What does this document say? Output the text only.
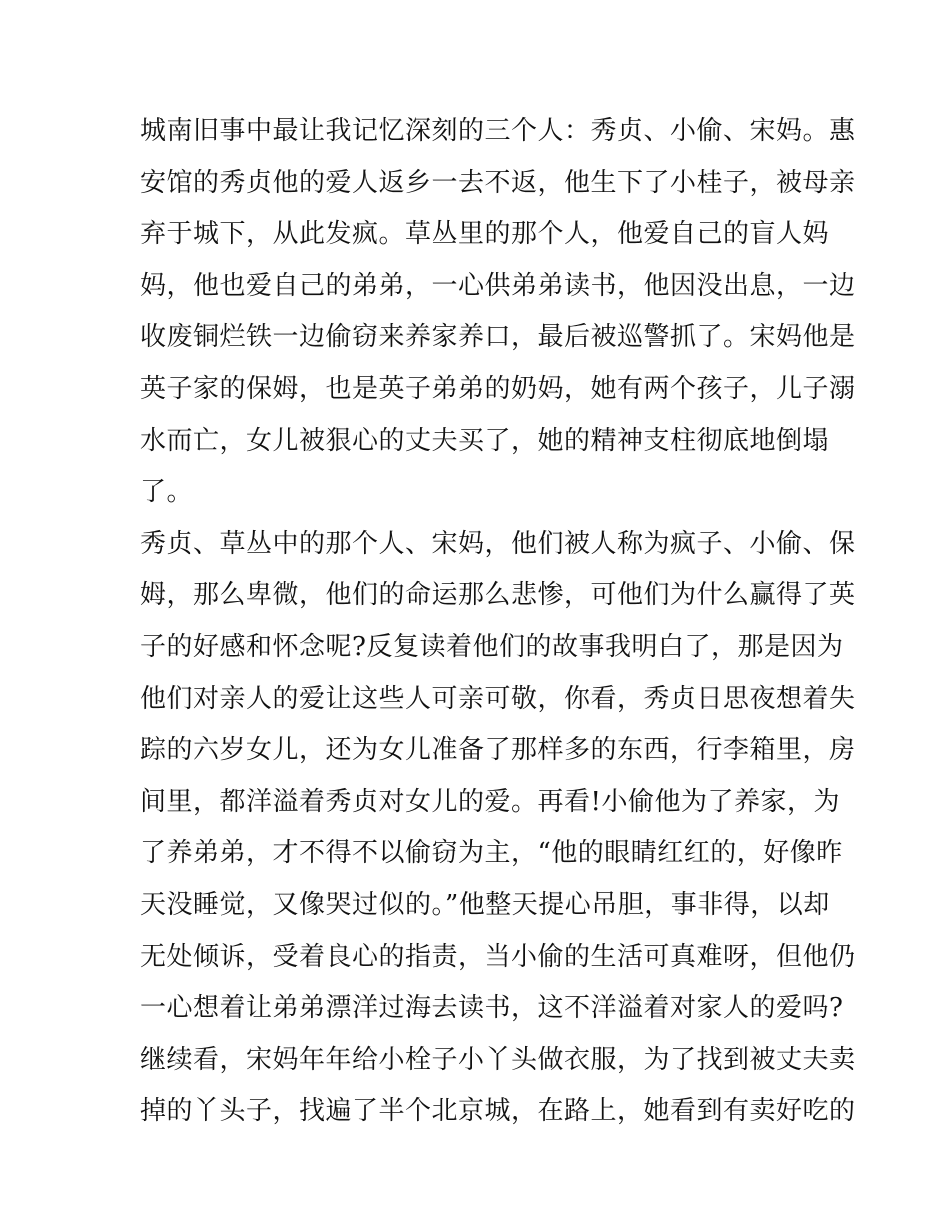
城南旧事中最让我记忆深刻的三个人：秀贞、小偷、宋妈。惠
安馆的秀贞他的爱人返乡一去不返，他生下了小桂子，被母亲
弃于城下，从此发疯。草丛里的那个人，他爱自己的盲人妈
妈，他也爱自己的弟弟，一心供弟弟读书，他因没出息，一边
收废铜烂铁一边偷窃来养家养口，最后被巡警抓了。宋妈他是
英子家的保姆，也是英子弟弟的奶妈，她有两个孩子，儿子溺
水而亡，女儿被狠心的丈夫买了，她的精神支柱彻底地倒塌
了。
秀贞、草丛中的那个人、宋妈，他们被人称为疯子、小偷、保
姆，那么卑微，他们的命运那么悲惨，可他们为什么赢得了英
子的好感和怀念呢?反复读着他们的故事我明白了，那是因为
他们对亲人的爱让这些人可亲可敬，你看，秀贞日思夜想着失
踪的六岁女儿，还为女儿准备了那样多的东西，行李箱里，房
间里，都洋溢着秀贞对女儿的爱。再看!小偷他为了养家，为
了养弟弟，才不得不以偷窃为主，“他的眼睛红红的，好像昨
天没睡觉，又像哭过似的。”他整天提心吊胆，事非得，以却
无处倾诉，受着良心的指责，当小偷的生活可真难呀，但他仍
一心想着让弟弟漂洋过海去读书，这不洋溢着对家人的爱吗?
继续看，宋妈年年给小栓子小丫头做衣服，为了找到被丈夫卖
掉的丫头子，找遍了半个北京城，在路上，她看到有卖好吃的
